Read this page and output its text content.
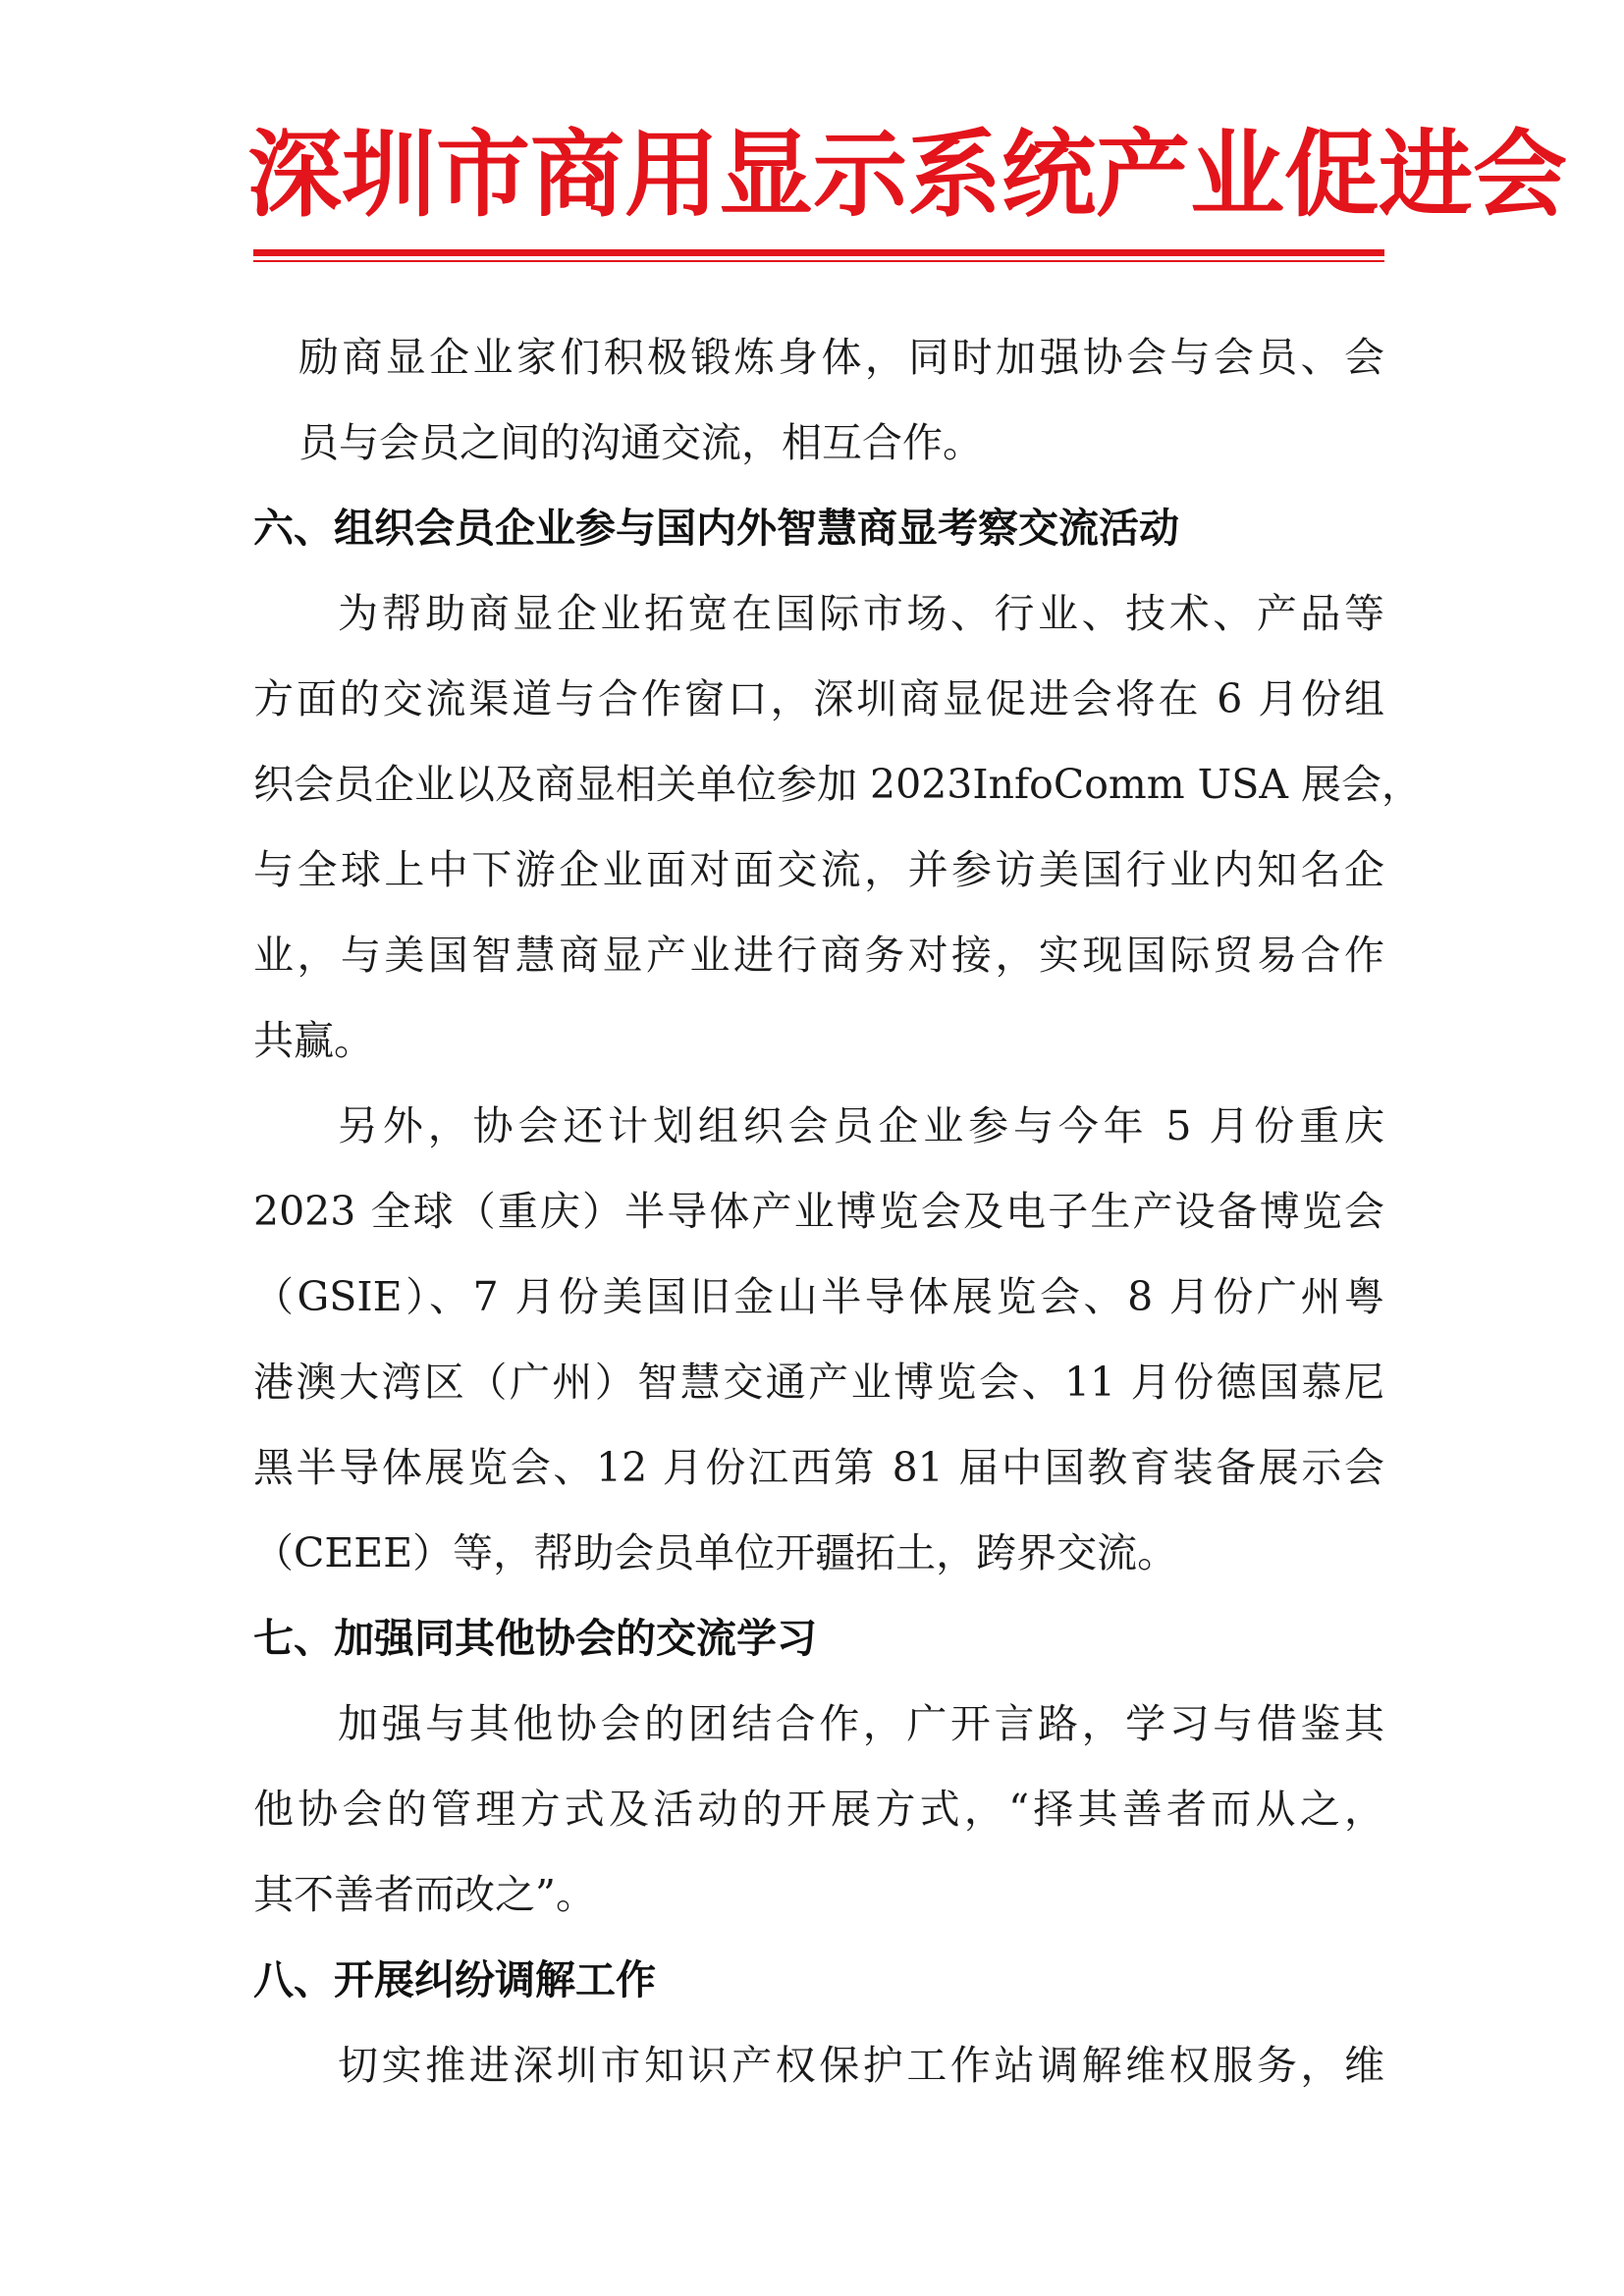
深圳市商用显示系统产业促进会
励商显企业家们积极锻炼身体，同时加强协会与会员、会
员与会员之间的沟通交流，相互合作。
六、组织会员企业参与国内外智慧商显考察交流活动
为帮助商显企业拓宽在国际市场、行业、技术、产品等
方面的交流渠道与合作窗口，深圳商显促进会将在 6 月份组
织会员企业以及商显相关单位参加 2023InfoComm USA 展会，
与全球上中下游企业面对面交流，并参访美国行业内知名企
业，与美国智慧商显产业进行商务对接，实现国际贸易合作
共赢。
另外，协会还计划组织会员企业参与今年 5 月份重庆
2023 全球（重庆）半导体产业博览会及电子生产设备博览会
（GSIE）、7 月份美国旧金山半导体展览会、8 月份广州粤
港澳大湾区（广州）智慧交通产业博览会、11 月份德国慕尼
黑半导体展览会、12 月份江西第 81 届中国教育装备展示会
（CEEE）等，帮助会员单位开疆拓土，跨界交流。
七、加强同其他协会的交流学习
加强与其他协会的团结合作，广开言路，学习与借鉴其
他协会的管理方式及活动的开展方式，“择其善者而从之，
其不善者而改之”。
八、开展纠纷调解工作
切实推进深圳市知识产权保护工作站调解维权服务，维
